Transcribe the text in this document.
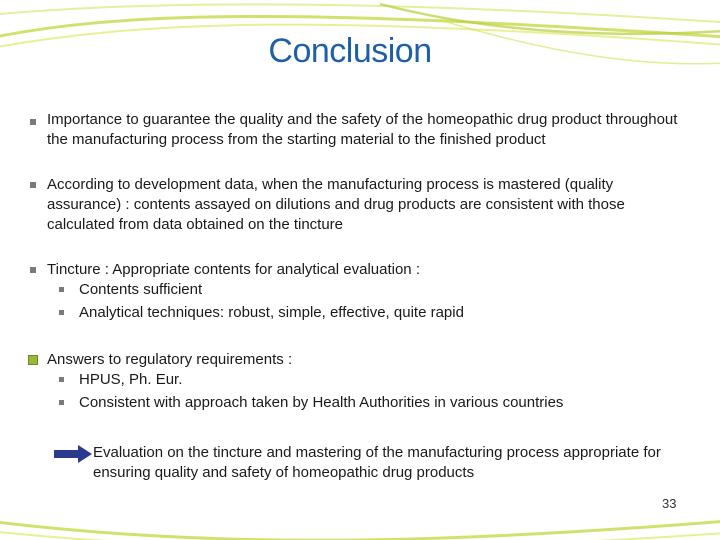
Conclusion
Importance to guarantee the quality and the safety of the homeopathic drug product throughout the manufacturing process from the starting material to the finished product
According to development data, when the manufacturing process is mastered (quality assurance) : contents assayed on dilutions and drug products are consistent with those calculated from data obtained on the tincture
Tincture : Appropriate contents for analytical evaluation :
Contents sufficient
Analytical techniques: robust, simple, effective, quite rapid
Answers to regulatory requirements :
HPUS, Ph. Eur.
Consistent with approach taken by Health Authorities in various countries
Evaluation on the tincture and mastering of the manufacturing process appropriate for ensuring quality and safety of homeopathic drug products
33
